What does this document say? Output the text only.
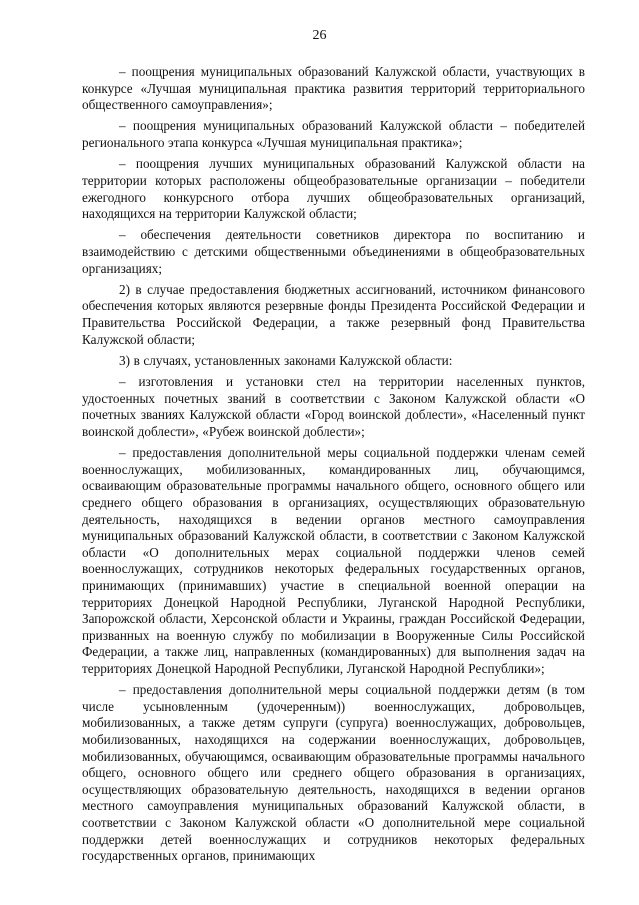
26

– поощрения муниципальных образований Калужской области, участвующих в конкурсе «Лучшая муниципальная практика развития территорий территориального общественного самоуправления»;

– поощрения муниципальных образований Калужской области – победителей регионального этапа конкурса «Лучшая муниципальная практика»;

– поощрения лучших муниципальных образований Калужской области на территории которых расположены общеобразовательные организации – победители ежегодного конкурсного отбора лучших общеобразовательных организаций, находящихся на территории Калужской области;

– обеспечения деятельности советников директора по воспитанию и взаимодействию с детскими общественными объединениями в общеобразовательных организациях;

2) в случае предоставления бюджетных ассигнований, источником финансового обеспечения которых являются резервные фонды Президента Российской Федерации и Правительства Российской Федерации, а также резервный фонд Правительства Калужской области;

3) в случаях, установленных законами Калужской области:

– изготовления и установки стел на территории населенных пунктов, удостоенных почетных званий в соответствии с Законом Калужской области «О почетных званиях Калужской области «Город воинской доблести», «Населенный пункт воинской доблести», «Рубеж воинской доблести»;

– предоставления дополнительной меры социальной поддержки членам семей военнослужащих, мобилизованных, командированных лиц, обучающимся, осваивающим образовательные программы начального общего, основного общего или среднего общего образования в организациях, осуществляющих образовательную деятельность, находящихся в ведении органов местного самоуправления муниципальных образований Калужской области, в соответствии с Законом Калужской области «О дополнительных мерах социальной поддержки членов семей военнослужащих, сотрудников некоторых федеральных государственных органов, принимающих (принимавших) участие в специальной военной операции на территориях Донецкой Народной Республики, Луганской Народной Республики, Запорожской области, Херсонской области и Украины, граждан Российской Федерации, призванных на военную службу по мобилизации в Вооруженные Силы Российской Федерации, а также лиц, направленных (командированных) для выполнения задач на территориях Донецкой Народной Республики, Луганской Народной Республики»;

– предоставления дополнительной меры социальной поддержки детям (в том числе усыновленным (удочеренным)) военнослужащих, добровольцев, мобилизованных, а также детям супруги (супруга) военнослужащих, добровольцев, мобилизованных, находящихся на содержании военнослужащих, добровольцев, мобилизованных, обучающимся, осваивающим образовательные программы начального общего, основного общего или среднего общего образования в организациях, осуществляющих образовательную деятельность, находящихся в ведении органов местного самоуправления муниципальных образований Калужской области, в соответствии с Законом Калужской области «О дополнительной мере социальной поддержки детей военнослужащих и сотрудников некоторых федеральных государственных органов, принимающих
